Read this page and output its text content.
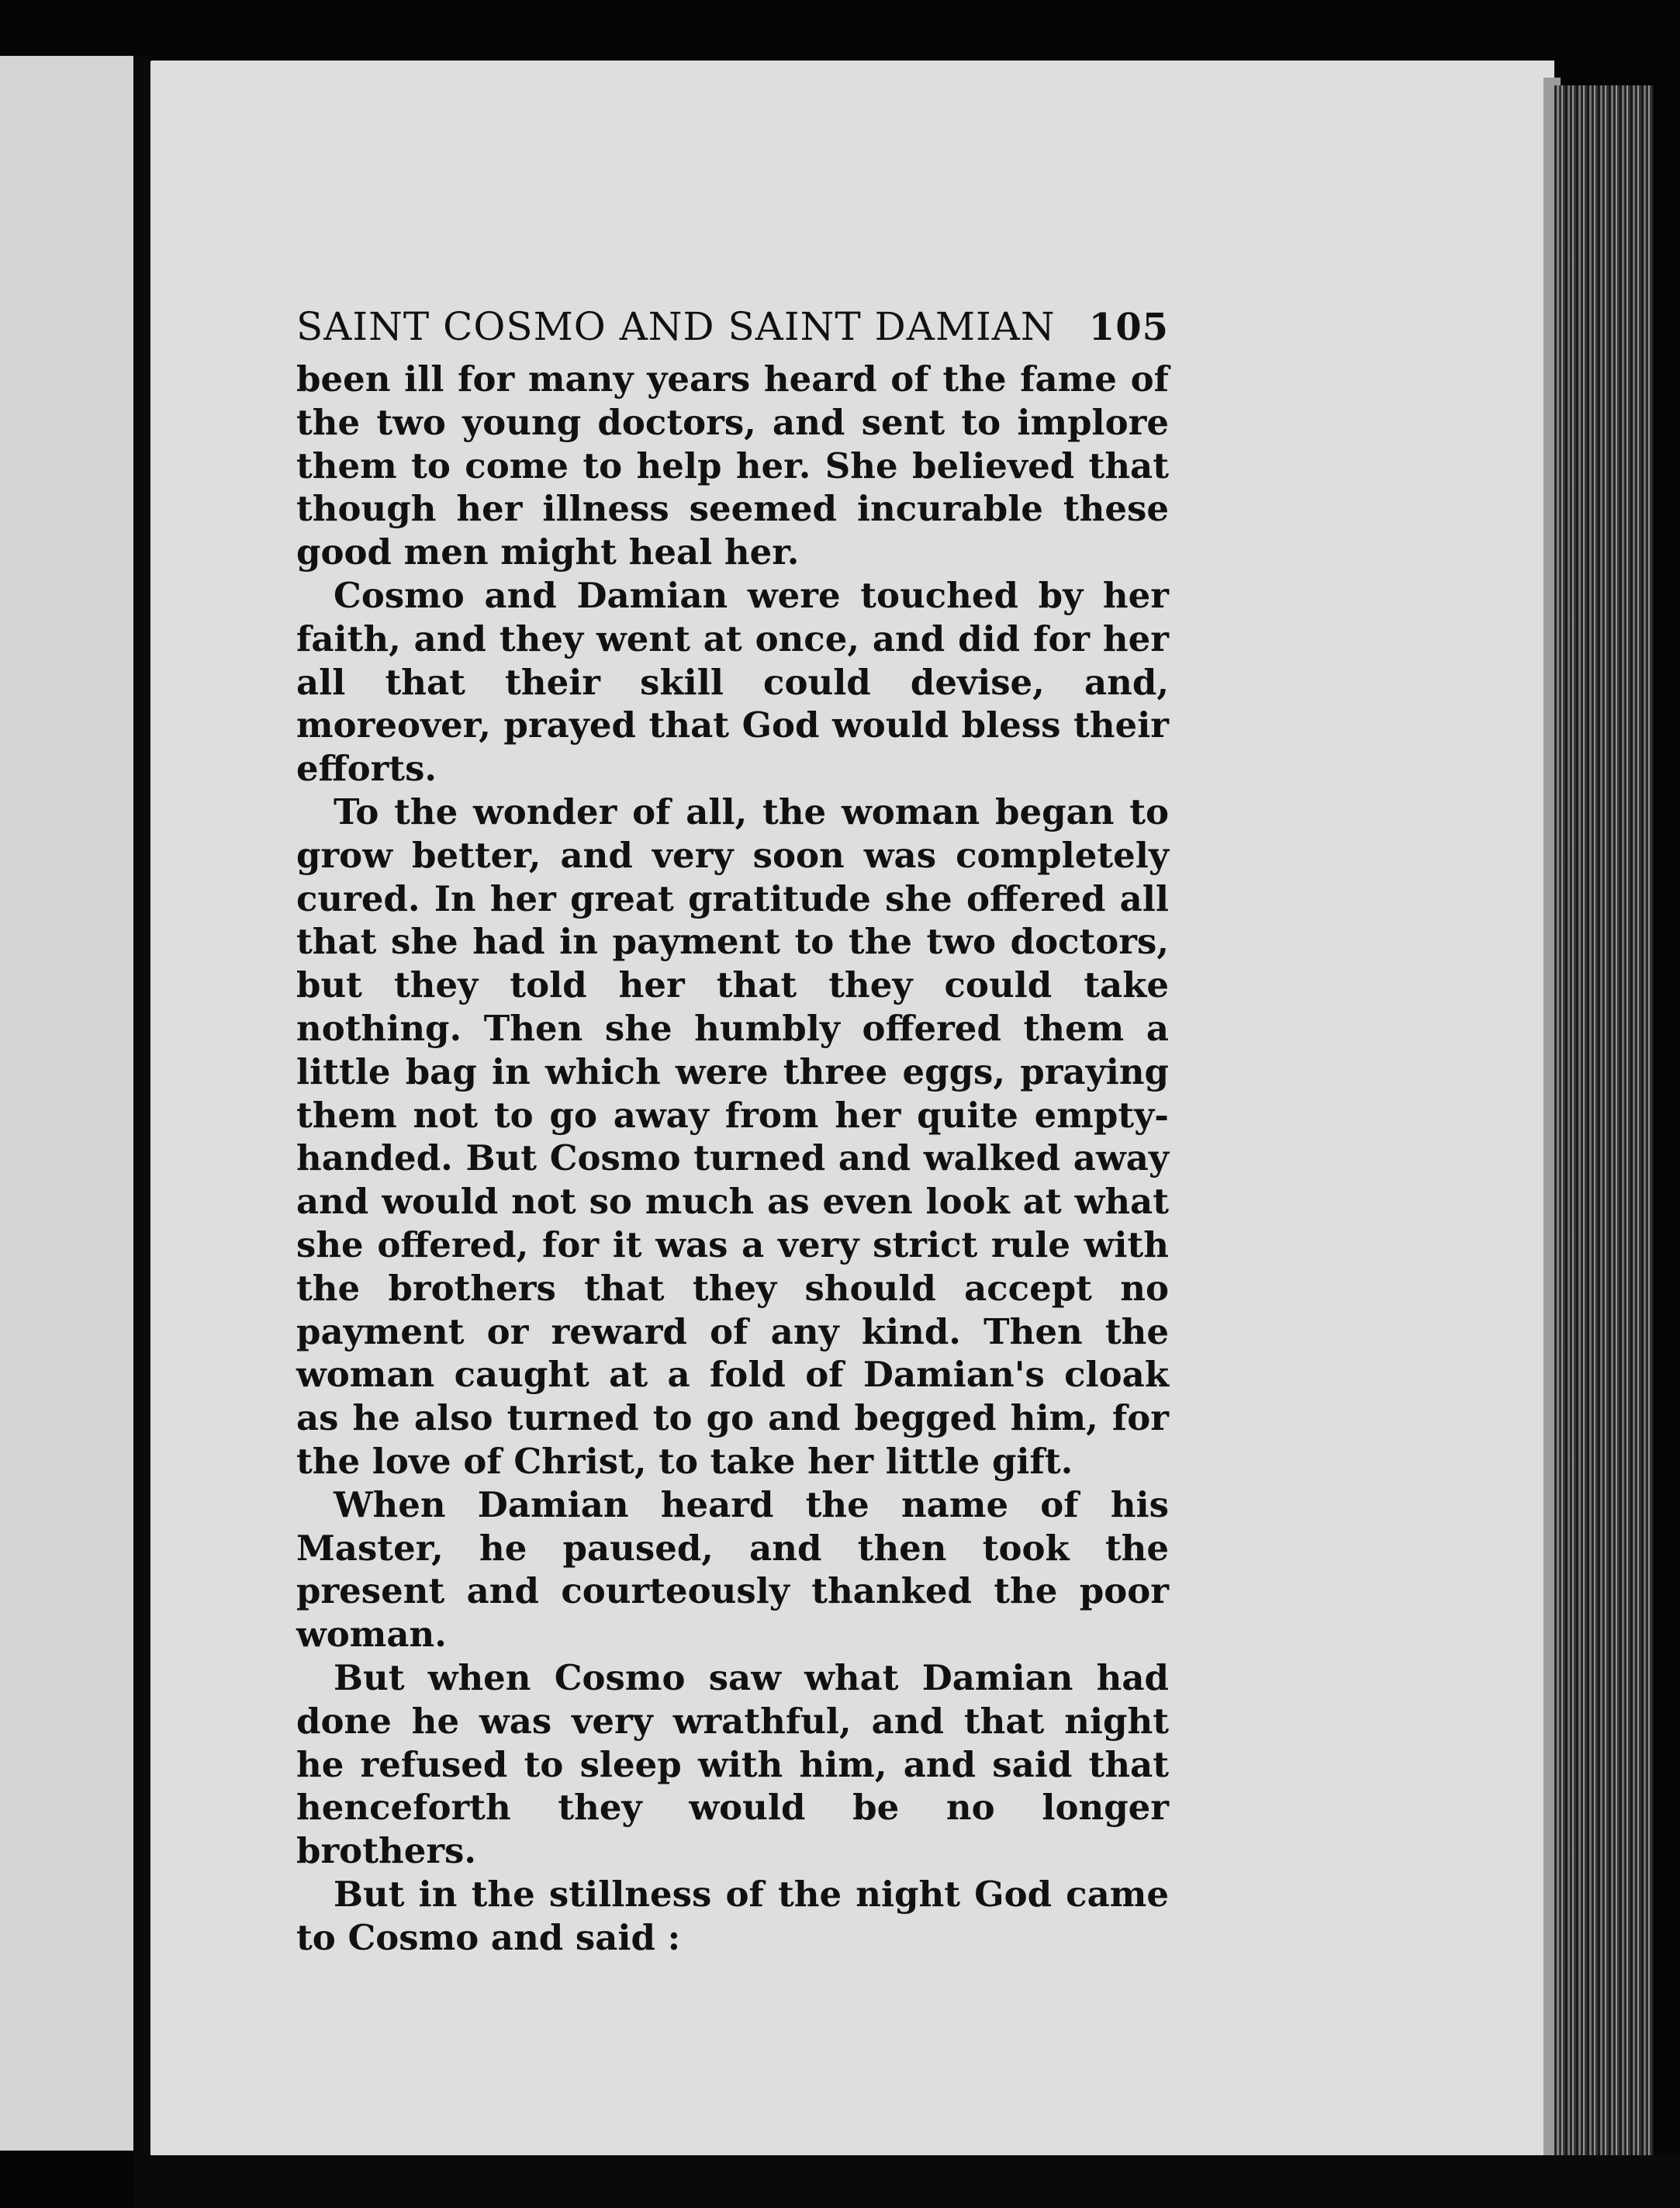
SAINT COSMO AND SAINT DAMIAN 105

been ill for many years heard of the fame of the two young doctors, and sent to implore them to come to help her. She believed that though her illness seemed incurable these good men might heal her.

Cosmo and Damian were touched by her faith, and they went at once, and did for her all that their skill could devise, and, moreover, prayed that God would bless their efforts.

To the wonder of all, the woman began to grow better, and very soon was completely cured. In her great gratitude she offered all that she had in payment to the two doctors, but they told her that they could take nothing. Then she humbly offered them a little bag in which were three eggs, praying them not to go away from her quite empty-handed. But Cosmo turned and walked away and would not so much as even look at what she offered, for it was a very strict rule with the brothers that they should accept no payment or reward of any kind. Then the woman caught at a fold of Damian's cloak as he also turned to go and begged him, for the love of Christ, to take her little gift.

When Damian heard the name of his Master, he paused, and then took the present and courteously thanked the poor woman.

But when Cosmo saw what Damian had done he was very wrathful, and that night he refused to sleep with him, and said that henceforth they would be no longer brothers.

But in the stillness of the night God came to Cosmo and said :
